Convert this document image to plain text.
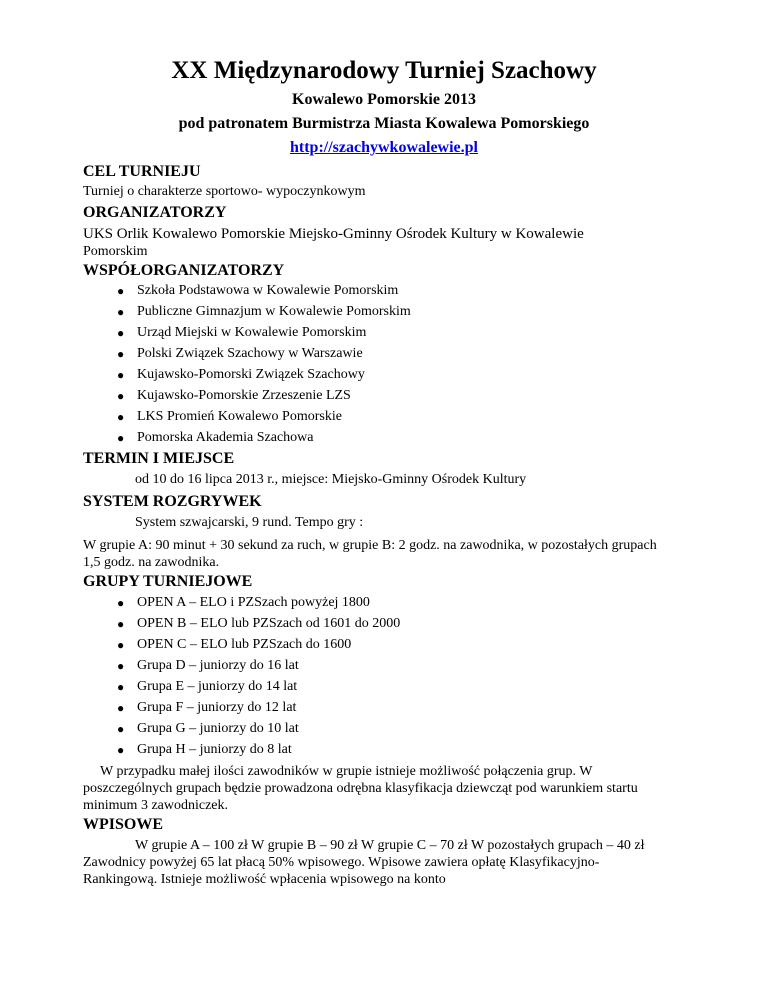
XX Międzynarodowy Turniej Szachowy
Kowalewo Pomorskie 2013
pod patronatem Burmistrza Miasta Kowalewa Pomorskiego
http://szachywkowalewie.pl
CEL TURNIEJU
Turniej o charakterze sportowo- wypoczynkowym
ORGANIZATORZY
UKS Orlik Kowalewo Pomorskie Miejsko-Gminny Ośrodek Kultury w Kowalewie
Pomorskim
WSPÓŁORGANIZATORZY
● Szkoła Podstawowa w Kowalewie Pomorskim
● Publiczne Gimnazjum w Kowalewie Pomorskim
● Urząd Miejski w Kowalewie Pomorskim
● Polski Związek Szachowy w Warszawie
● Kujawsko-Pomorski Związek Szachowy
● Kujawsko-Pomorskie Zrzeszenie LZS
● LKS Promień Kowalewo Pomorskie
● Pomorska Akademia Szachowa
TERMIN I MIEJSCE
od 10 do 16 lipca 2013 r., miejsce: Miejsko-Gminny Ośrodek Kultury
SYSTEM ROZGRYWEK
System szwajcarski, 9 rund. Tempo gry :
W grupie A: 90 minut + 30 sekund za ruch, w grupie B: 2 godz. na zawodnika, w pozostałych grupach
1,5 godz. na zawodnika.
GRUPY TURNIEJOWE
● OPEN A – ELO i PZSzach powyżej 1800
● OPEN B – ELO lub PZSzach od 1601 do 2000
● OPEN C – ELO lub PZSzach do 1600
● Grupa D – juniorzy do 16 lat
● Grupa E – juniorzy do 14 lat
● Grupa F – juniorzy do 12 lat
● Grupa G – juniorzy do 10 lat
● Grupa H – juniorzy do 8 lat
W przypadku małej ilości zawodników w grupie istnieje możliwość połączenia grup. W
poszczególnych grupach będzie prowadzona odrębna klasyfikacja dziewcząt pod warunkiem startu
minimum 3 zawodniczek.
WPISOWE
W grupie A – 100 zł W grupie B – 90 zł W grupie C – 70 zł W pozostałych grupach – 40 zł
Zawodnicy powyżej 65 lat płacą 50% wpisowego. Wpisowe zawiera opłatę Klasyfikacyjno-
Rankingową. Istnieje możliwość wpłacenia wpisowego na konto
